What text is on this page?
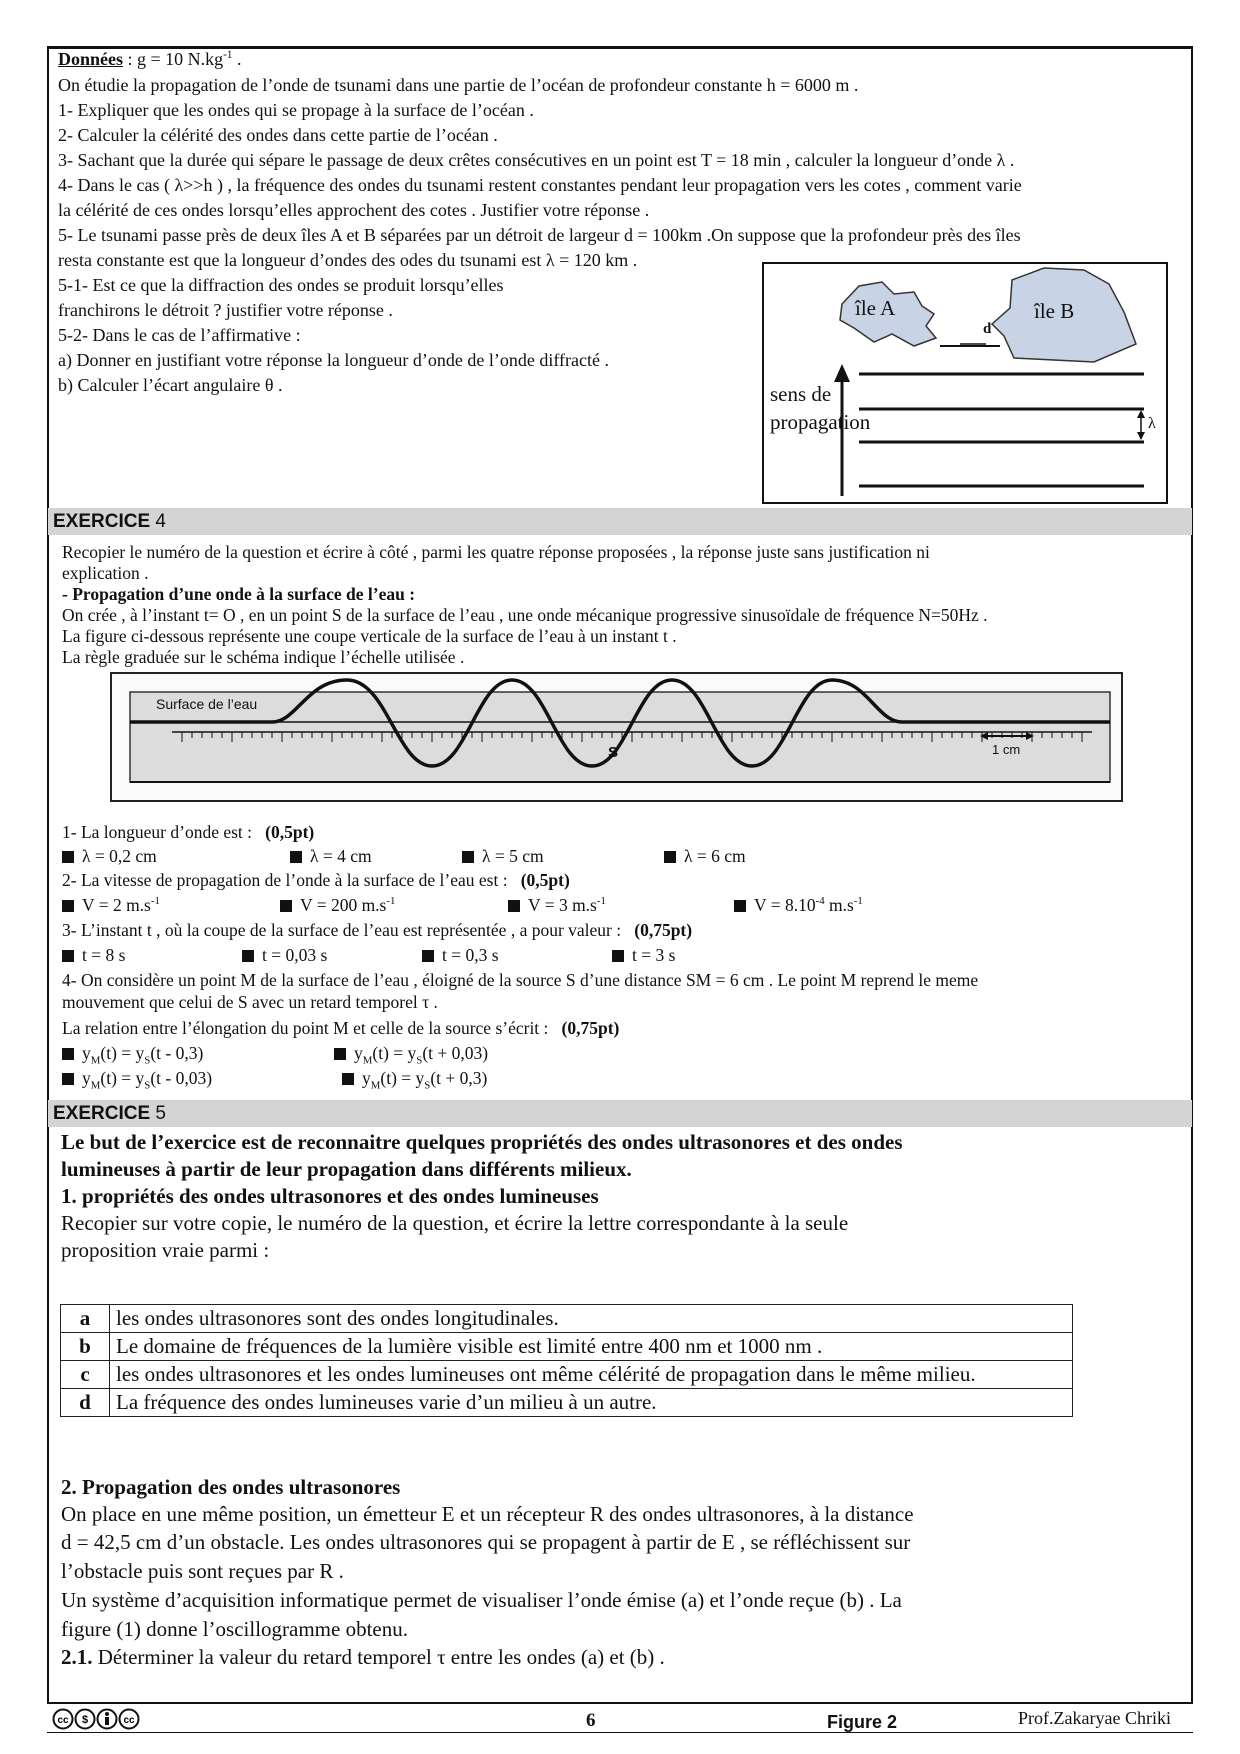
Données : g = 10 $N.kg^{-1}$ .
On étudie la propagation de l’onde de tsunami dans une partie de l’océan de profondeur constante h = 6000 m .
1- Expliquer que les ondes qui se propage à la surface de l’océan .
2- Calculer la célérité des ondes dans cette partie de l’océan .
3- Sachant que la durée qui sépare le passage de deux crêtes consécutives en un point est T = 18 min , calculer la longueur d’onde λ .
4- Dans le cas ( λ>>h ) , la fréquence des ondes du tsunami restent constantes pendant leur propagation vers les cotes , comment varie
la célérité de ces ondes lorsqu’elles approchent des cotes . Justifier votre réponse .
5- Le tsunami passe près de deux îles A et B séparées par un détroit de largeur d = 100km .On suppose que la profondeur près des îles
resta constante est que la longueur d’ondes des odes du tsunami est λ = 120 km .
5-1- Est ce que la diffraction des ondes se produit lorsqu’elles
franchirons le détroit ? justifier votre réponse .
5-2- Dans le cas de l’affirmative :
a) Donner en justifiant votre réponse la longueur d’onde de l’onde diffracté .
b) Calculer l’écart angulaire θ .
île A	île B
d
sens de
propagation	λ
EXERCICE 4
Recopier le numéro de la question et écrire à côté , parmi les quatre réponse proposées , la réponse juste sans justification ni
explication .
- Propagation d’une onde à la surface de l’eau :
On crée , à l’instant t= O , en un point S de la surface de l’eau , une onde mécanique progressive sinusoïdale de fréquence N=50Hz .
La figure ci-dessous représente une coupe verticale de la surface de l’eau à un instant t .
La règle graduée sur le schéma indique l’échelle utilisée .
Surface de l’eau
S	1 cm
1- La longueur d’onde est : (0,5pt)
λ = 0,2 cm	λ = 4 cm	λ = 5 cm	λ = 6 cm
2- La vitesse de propagation de l’onde à la surface de l’eau est : (0,5pt)
V = 2 $m.s^{-1}$	V = 200 $m.s^{-1}$	V = 3 $m.s^{-1}$	$V = 8.10^{-4}$ $m.s^{-1}$
3- L’instant t , où la coupe de la surface de l’eau est représentée , a pour valeur : (0,75pt)
t = 8 s	t = 0,03 s	t = 0,3 s	t = 3 s
4- On considère un point M de la surface de l’eau , éloigné de la source S d’une distance SM = 6 cm . Le point M reprend le meme
mouvement que celui de S avec un retard temporel τ .
La relation entre l’élongation du point M et celle de la source s’écrit : (0,75pt)
$y_M(t) = y_S(t - 0,3)$	$y_M(t) = y_S(t + 0,03)$
$y_M(t) = y_S(t - 0,03)$	$y_M(t) = y_S(t + 0,3)$
EXERCICE 5
Le but de l’exercice est de reconnaitre quelques propriétés des ondes ultrasonores et des ondes
lumineuses à partir de leur propagation dans différents milieux.
1. propriétés des ondes ultrasonores et des ondes lumineuses
Recopier sur votre copie, le numéro de la question, et écrire la lettre correspondante à la seule
proposition vraie parmi :
a	les ondes ultrasonores sont des ondes longitudinales.
b	Le domaine de fréquences de la lumière visible est limité entre 400 nm et 1000 nm .
c	les ondes ultrasonores et les ondes lumineuses ont même célérité de propagation dans le même milieu.
d	La fréquence des ondes lumineuses varie d’un milieu à un autre.
2. Propagation des ondes ultrasonores
On place en une même position, un émetteur E et un récepteur R des ondes ultrasonores, à la distance
d = 42,5 cm d’un obstacle. Les ondes ultrasonores qui se propagent à partir de E , se réfléchissent sur
l’obstacle puis sont reçues par R .
Un système d’acquisition informatique permet de visualiser l’onde émise (a) et l’onde reçue (b) . La
figure (1) donne l’oscillogramme obtenu.
2.1. Déterminer la valeur du retard temporel τ entre les ondes (a) et (b) .
cc $	cc	6	Figure 2	Prof.Zakaryae Chriki
